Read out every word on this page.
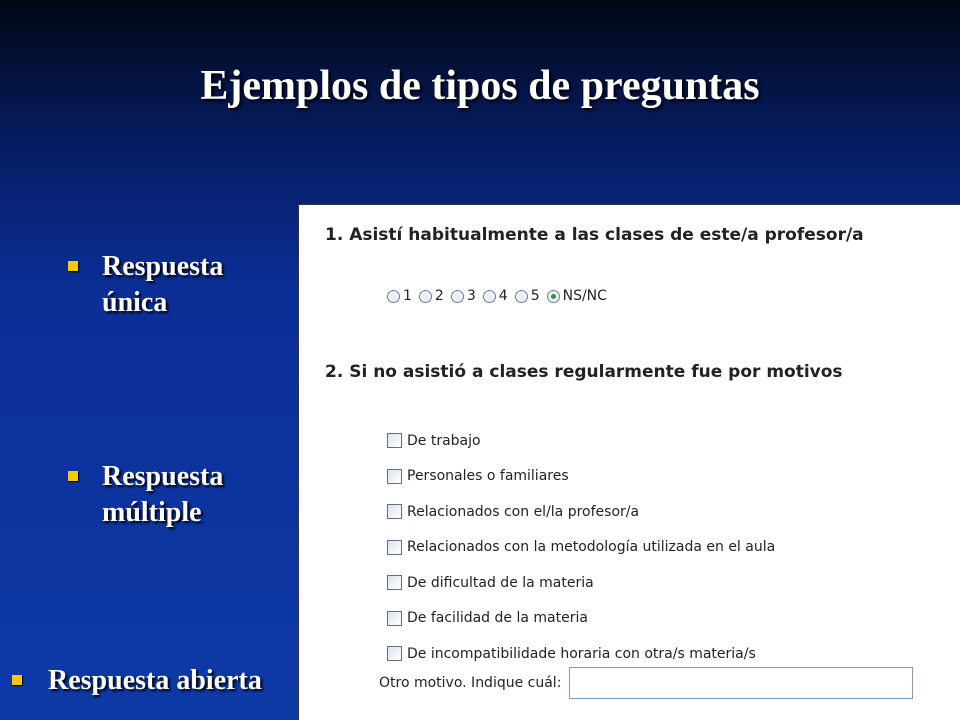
Ejemplos de tipos de preguntas
Respuesta única
Respuesta múltiple
Respuesta abierta
1. Asistí habitualmente a las clases de este/a profesor/a
1 2 3 4 5 NS/NC
2. Si no asistió a clases regularmente fue por motivos
De trabajo
Personales o familiares
Relacionados con el/la profesor/a
Relacionados con la metodología utilizada en el aula
De dificultad de la materia
De facilidad de la materia
De incompatibilidade horaria con otra/s materia/s
Otro motivo. Indique cuál:
